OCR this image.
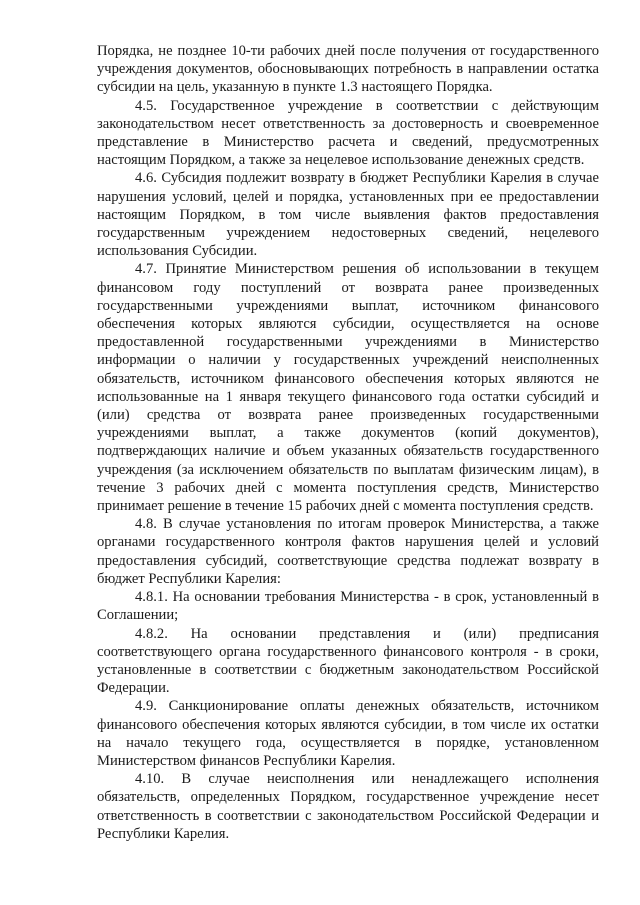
Порядка, не позднее 10-ти рабочих дней после получения от государственного учреждения документов, обосновывающих потребность в направлении остатка субсидии на цель, указанную в пункте 1.3 настоящего Порядка.

4.5. Государственное учреждение в соответствии с действующим законодательством несет ответственность за достоверность и своевременное представление в Министерство расчета и сведений, предусмотренных настоящим Порядком, а также за нецелевое использование денежных средств.

4.6. Субсидия подлежит возврату в бюджет Республики Карелия в случае нарушения условий, целей и порядка, установленных при ее предоставлении настоящим Порядком, в том числе выявления фактов предоставления государственным учреждением недостоверных сведений, нецелевого использования Субсидии.

4.7. Принятие Министерством решения об использовании в текущем финансовом году поступлений от возврата ранее произведенных государственными учреждениями выплат, источником финансового обеспечения которых являются субсидии, осуществляется на основе предоставленной государственными учреждениями в Министерство информации о наличии у государственных учреждений неисполненных обязательств, источником финансового обеспечения которых являются не использованные на 1 января текущего финансового года остатки субсидий и (или) средства от возврата ранее произведенных государственными учреждениями выплат, а также документов (копий документов), подтверждающих наличие и объем указанных обязательств государственного учреждения (за исключением обязательств по выплатам физическим лицам), в течение 3 рабочих дней с момента поступления средств, Министерство принимает решение в течение 15 рабочих дней с момента поступления средств.

4.8. В случае установления по итогам проверок Министерства, а также органами государственного контроля фактов нарушения целей и условий предоставления субсидий, соответствующие средства подлежат возврату в бюджет Республики Карелия:

4.8.1. На основании требования Министерства - в срок, установленный в Соглашении;

4.8.2. На основании представления и (или) предписания соответствующего органа государственного финансового контроля - в сроки, установленные в соответствии с бюджетным законодательством Российской Федерации.

4.9. Санкционирование оплаты денежных обязательств, источником финансового обеспечения которых являются субсидии, в том числе их остатки на начало текущего года, осуществляется в порядке, установленном Министерством финансов Республики Карелия.

4.10. В случае неисполнения или ненадлежащего исполнения обязательств, определенных Порядком, государственное учреждение несет ответственность в соответствии с законодательством Российской Федерации и Республики Карелия.
